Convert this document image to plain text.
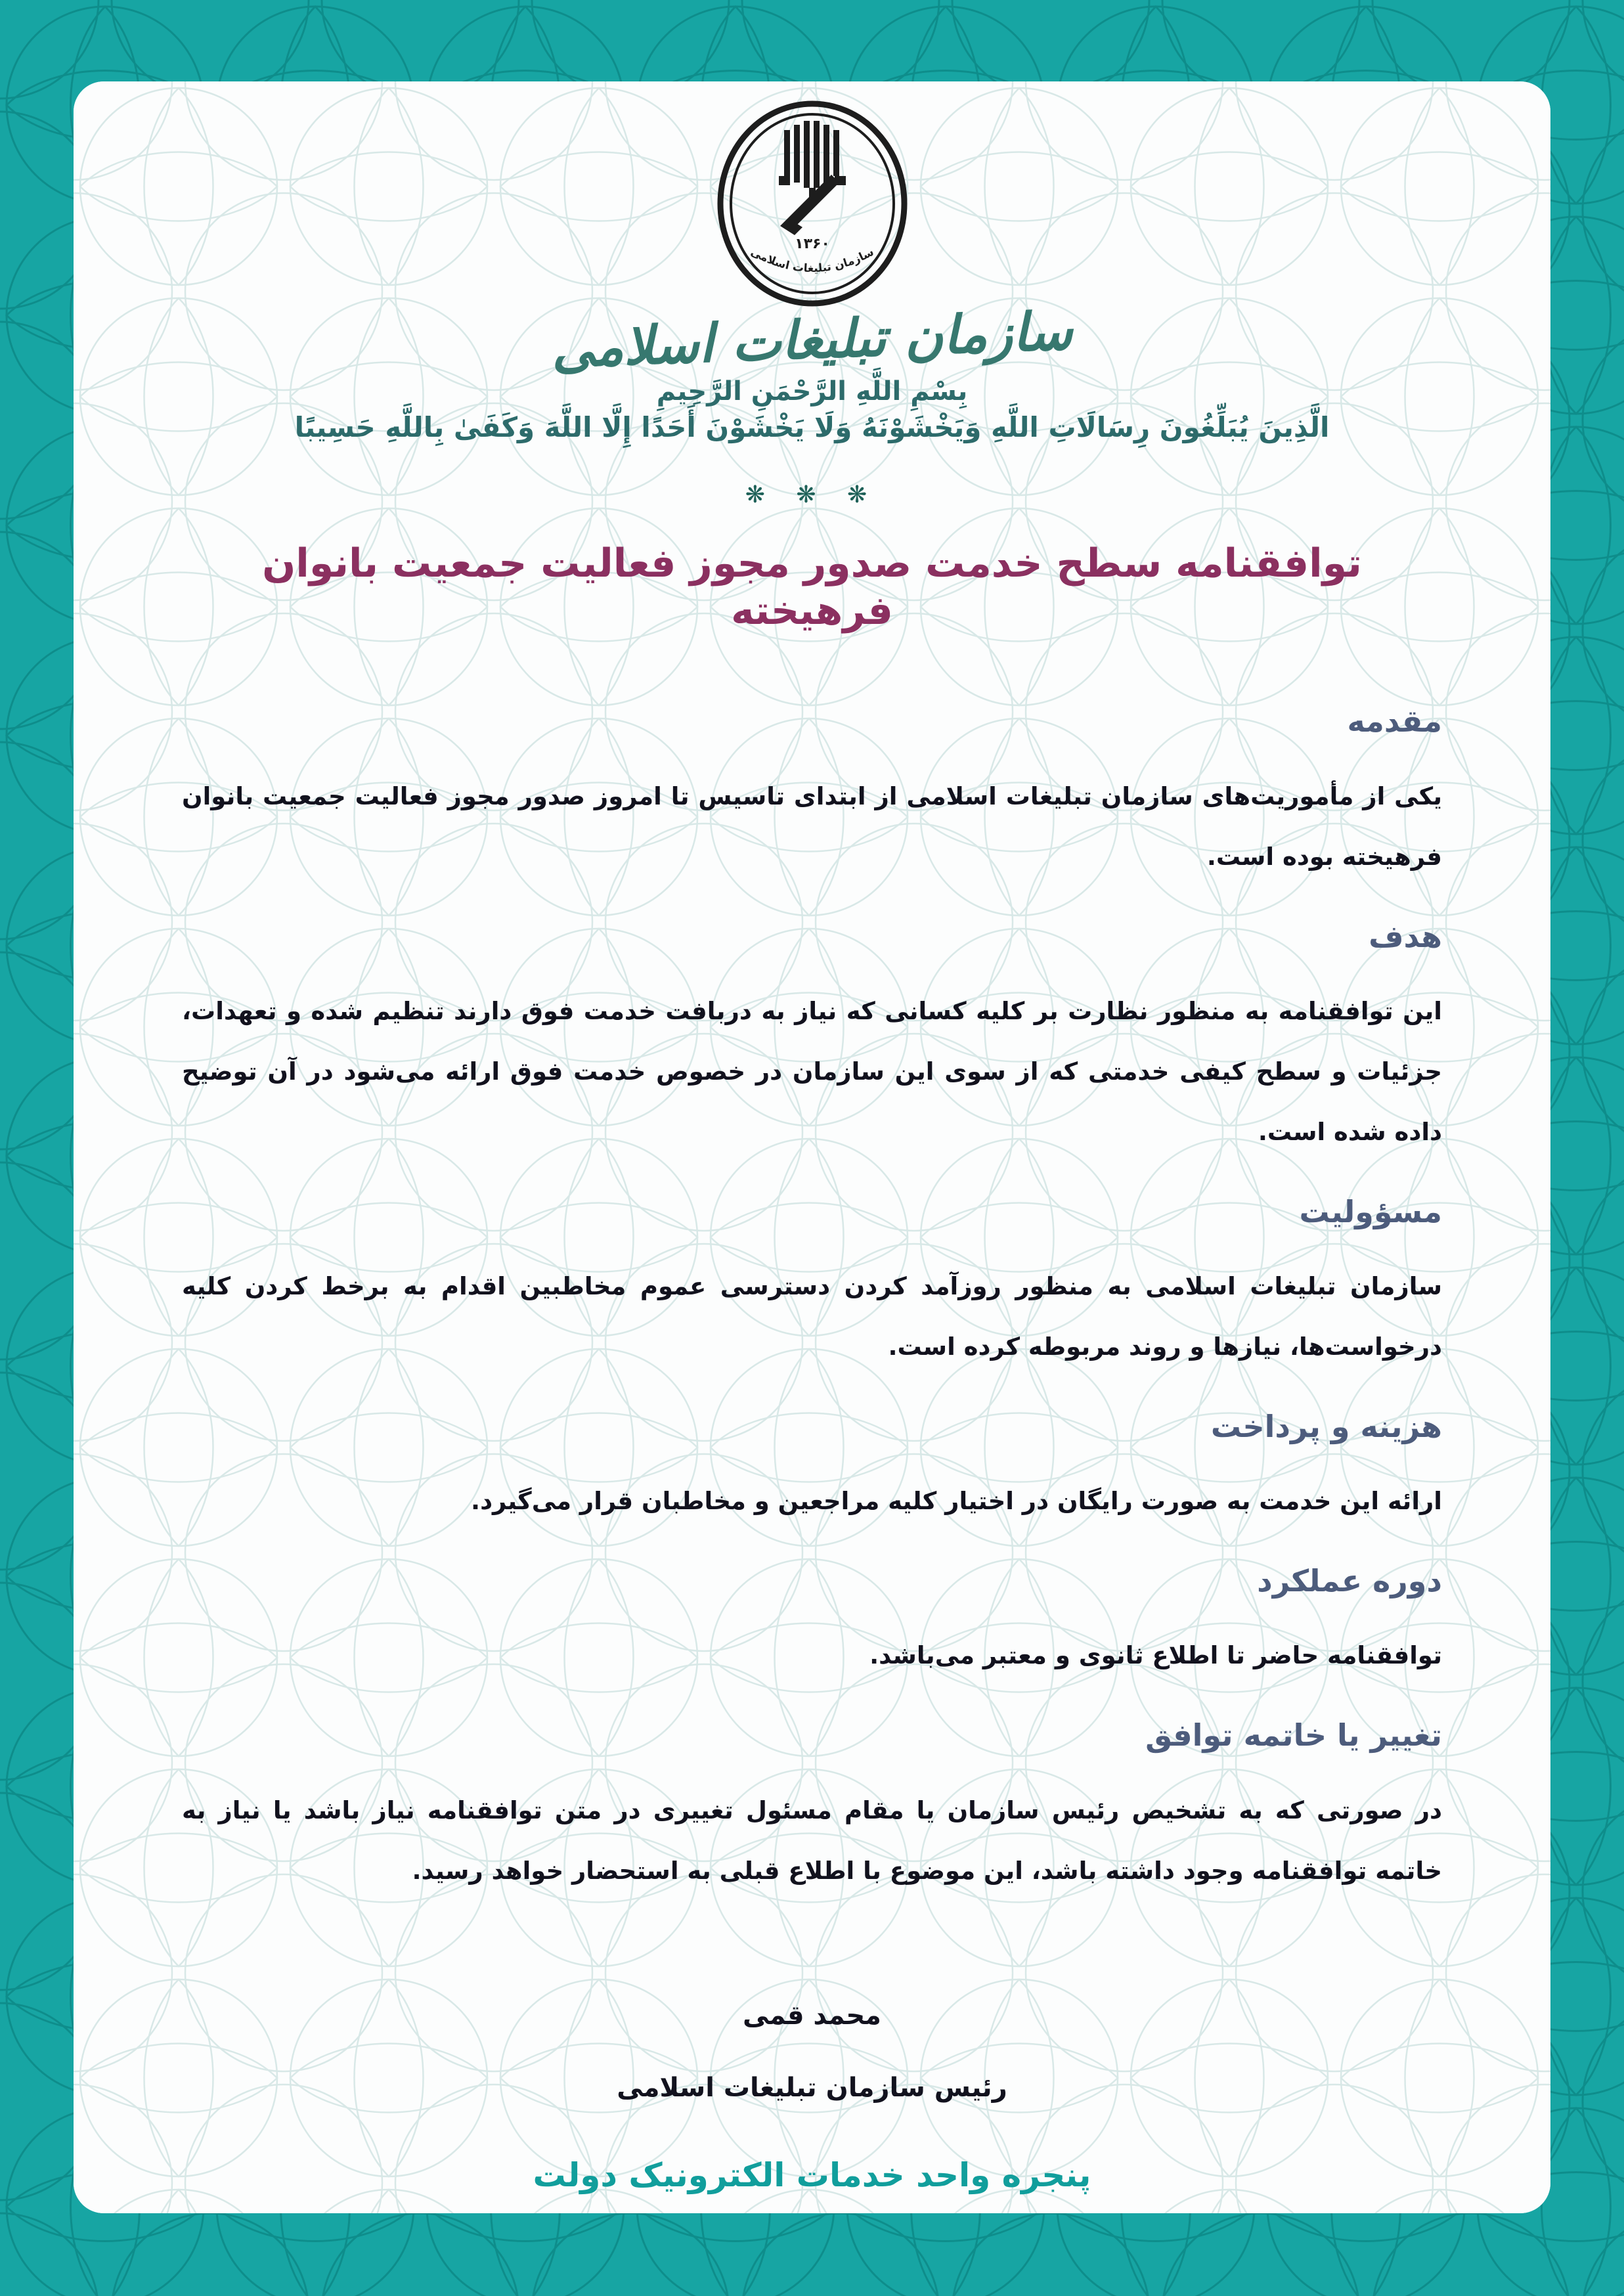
۱۳۶۰
سازمان تبلیغات اسلامی
سازمان تبلیغات اسلامی
بِسْمِ اللَّهِ الرَّحْمَنِ الرَّحِيمِ
الَّذِينَ يُبَلِّغُونَ رِسَالَاتِ اللَّهِ وَيَخْشَوْنَهُ وَلَا يَخْشَوْنَ أَحَدًا إِلَّا اللَّهَ وَكَفَىٰ بِاللَّهِ حَسِيبًا
❋ ❋ ❋
توافقنامه سطح خدمت صدور مجوز فعالیت جمعیت بانوان فرهیخته
مقدمه
یکی از مأموریت‌های سازمان تبلیغات اسلامی از ابتدای تاسیس تا امروز صدور مجوز فعالیت جمعیت بانوان فرهیخته بوده است.
هدف
این توافقنامه به منظور نظارت بر کلیه کسانی که نیاز به دربافت خدمت فوق دارند تنظیم شده و تعهدات، جزئیات و سطح کیفی خدمتی که از سوی این سازمان در خصوص خدمت فوق ارائه می‌شود در آن توضیح داده شده است.
مسؤولیت
سازمان تبلیغات اسلامی به منظور روزآمد کردن دسترسی عموم مخاطبین اقدام به برخط کردن کلیه درخواست‌ها، نیازها و روند مربوطه کرده است.
هزینه و پرداخت
ارائه این خدمت به صورت رایگان در اختیار کلیه مراجعین و مخاطبان قرار می‌گیرد.
دوره عملکرد
توافقنامه حاضر تا اطلاع ثانوی و معتبر می‌باشد.
تغییر یا خاتمه توافق
در صورتی که به تشخیص رئیس سازمان یا مقام مسئول تغییری در متن توافقنامه نیاز باشد یا نیاز به خاتمه توافقنامه وجود داشته باشد، این موضوع با اطلاع قبلی به استحضار خواهد رسید.
محمد قمی
رئیس سازمان تبلیغات اسلامی
پنجره واحد خدمات الکترونیک دولت
